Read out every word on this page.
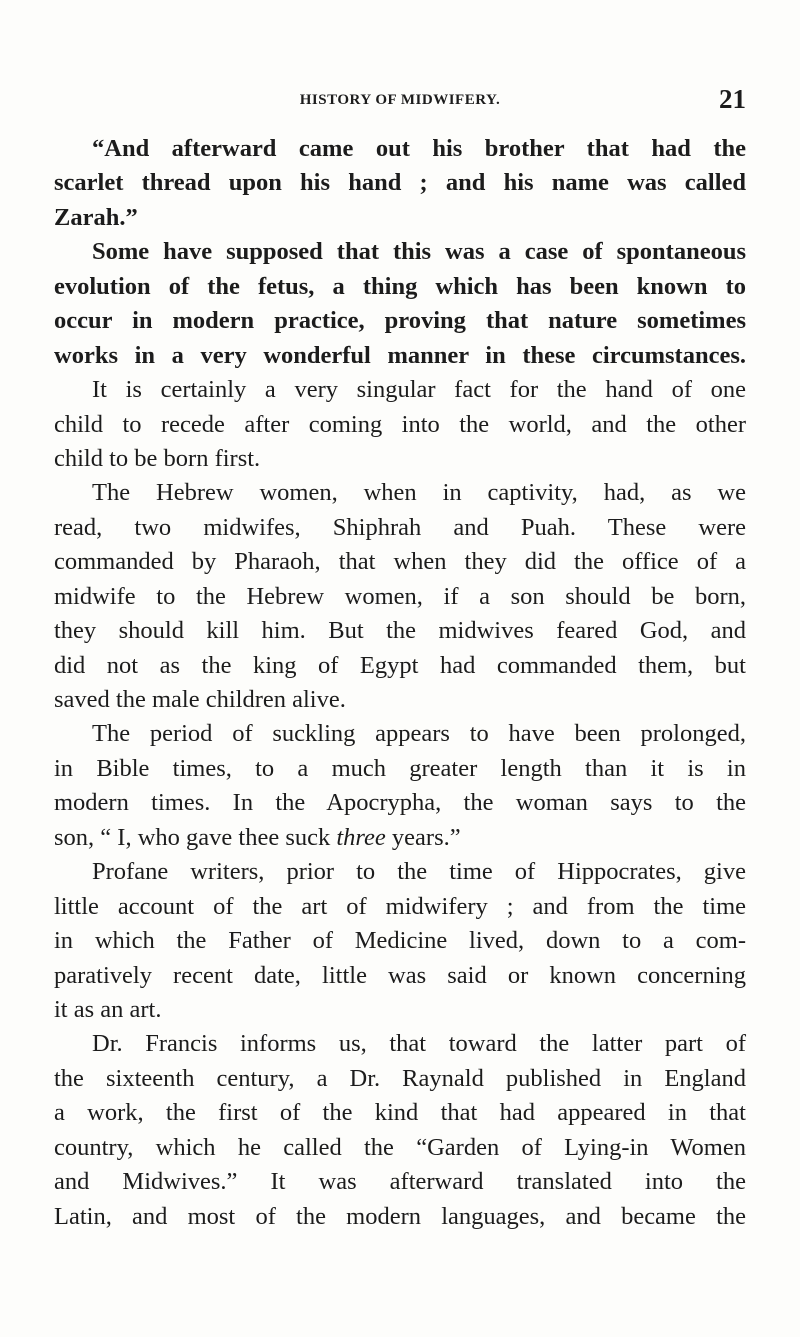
HISTORY OF MIDWIFERY.	21
“And afterward came out his brother that had the
scarlet thread upon his hand ; and his name was called
Zarah.”
Some have supposed that this was a case of spontaneous
evolution of the fetus, a thing which has been known to
occur in modern practice, proving that nature sometimes
works in a very wonderful manner in these circumstances.
It is certainly a very singular fact for the hand of one
child to recede after coming into the world, and the other
child to be born first.
The Hebrew women, when in captivity, had, as we
read, two midwifes, Shiphrah and Puah. These were
commanded by Pharaoh, that when they did the office of a
midwife to the Hebrew women, if a son should be born,
they should kill him. But the midwives feared God, and
did not as the king of Egypt had commanded them, but
saved the male children alive.
The period of suckling appears to have been prolonged,
in Bible times, to a much greater length than it is in
modern times. In the Apocrypha, the woman says to the
son, “ I, who gave thee suck three years.”
Profane writers, prior to the time of Hippocrates, give
little account of the art of midwifery ; and from the time
in which the Father of Medicine lived, down to a com-
paratively recent date, little was said or known concerning
it as an art.
Dr. Francis informs us, that toward the latter part of
the sixteenth century, a Dr. Raynald published in England
a work, the first of the kind that had appeared in that
country, which he called the “Garden of Lying-in Women
and Midwives.” It was afterward translated into the
Latin, and most of the modern languages, and became the
